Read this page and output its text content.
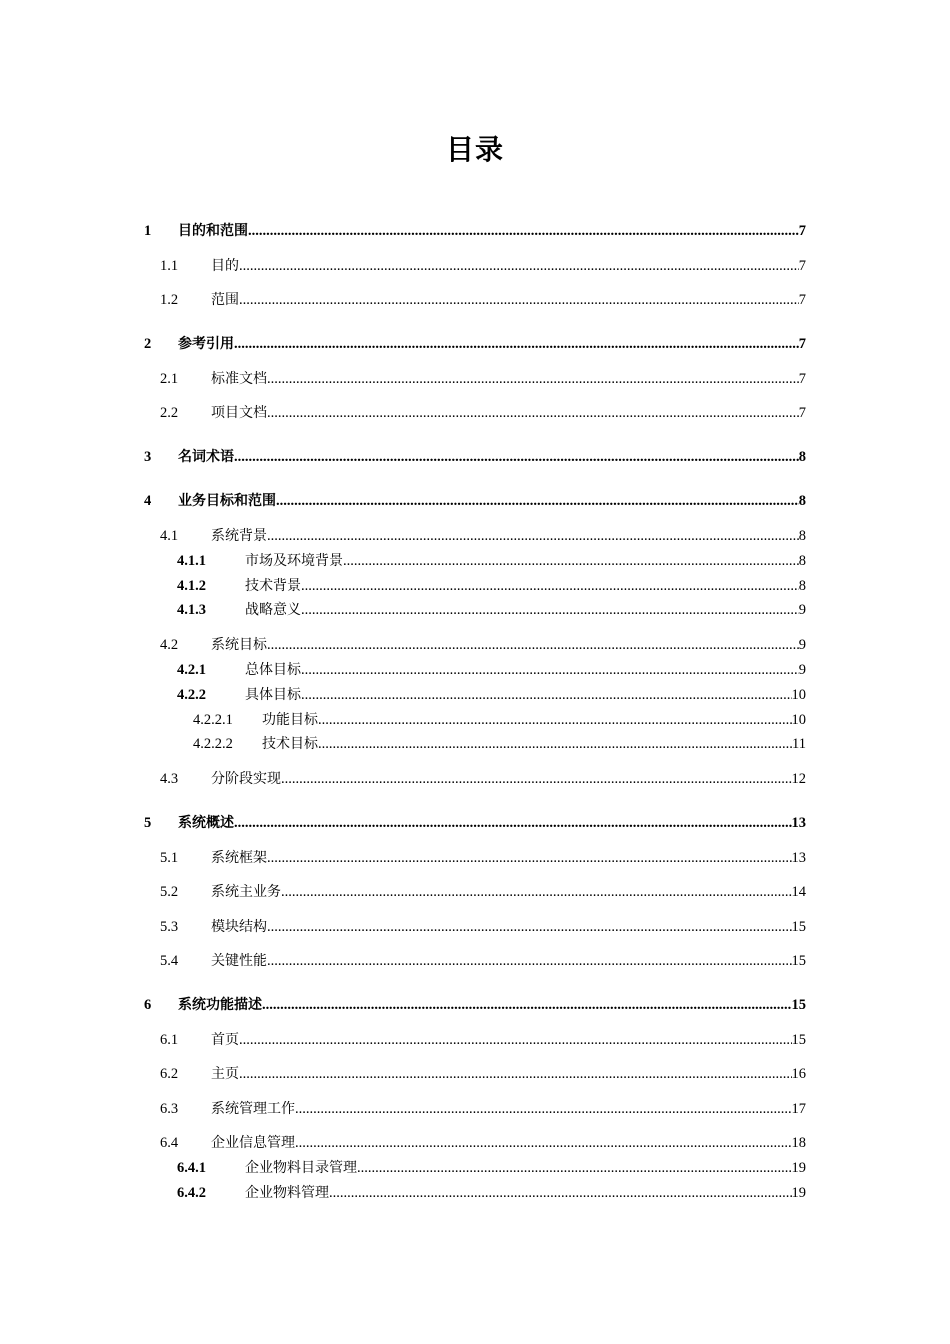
目录
1	目的和范围 .....	7
1.1	目的 .....	7
1.2	范围 .....	7
2	参考引用 .....	7
2.1	标准文档 .....	7
2.2	项目文档 .....	7
3	名词术语 .....	8
4	业务目标和范围 .....	8
4.1	系统背景 .....	8
4.1.1	市场及环境背景 .....	8
4.1.2	技术背景 .....	8
4.1.3	战略意义 .....	9
4.2	系统目标 .....	9
4.2.1	总体目标 .....	9
4.2.2	具体目标 .....	10
4.2.2.1	功能目标 .....	10
4.2.2.2	技术目标 .....	11
4.3	分阶段实现 .....	12
5	系统概述 .....	13
5.1	系统框架 .....	13
5.2	系统主业务 .....	14
5.3	模块结构 .....	15
5.4	关键性能 .....	15
6	系统功能描述 .....	15
6.1	首页 .....	15
6.2	主页 .....	16
6.3	系统管理工作 .....	17
6.4	企业信息管理 .....	18
6.4.1	企业物料目录管理 .....	19
6.4.2	企业物料管理 .....	19
